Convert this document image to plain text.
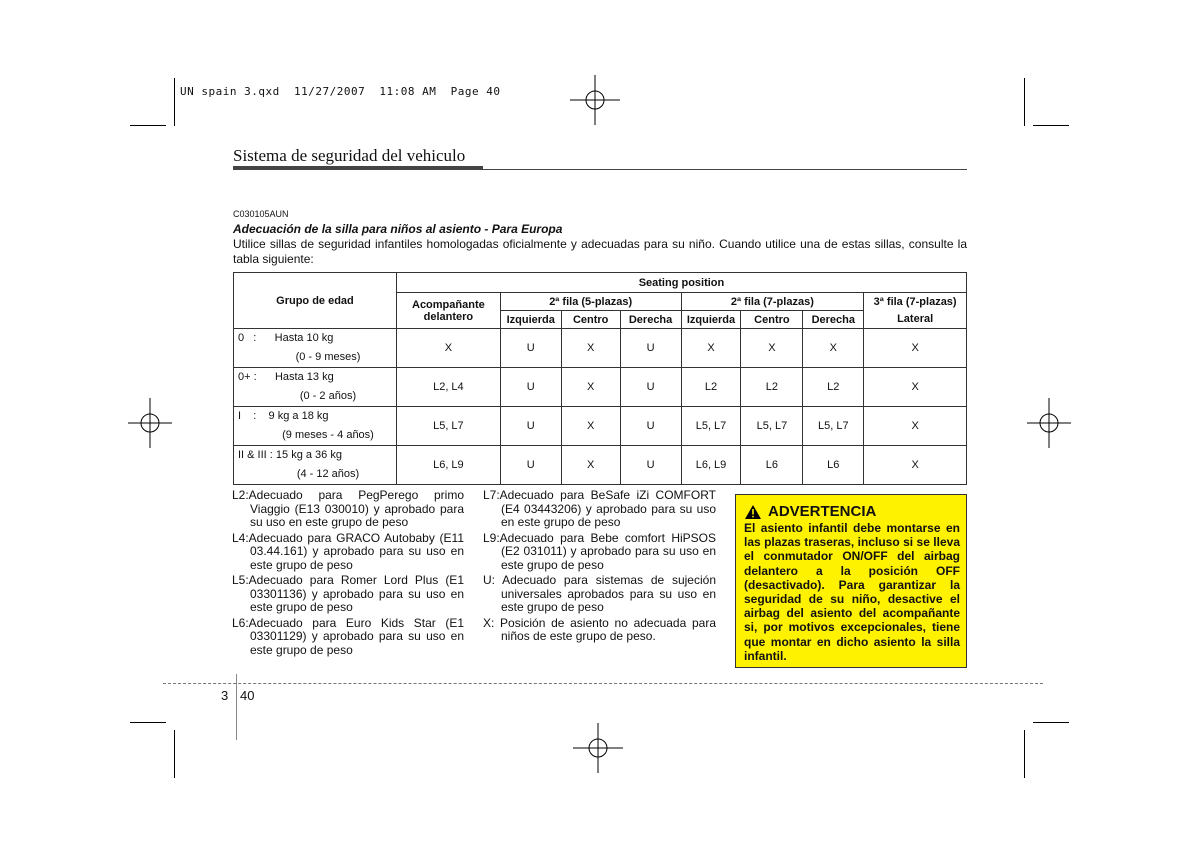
UN spain 3.qxd  11/27/2007  11:08 AM  Page 40
Sistema de seguridad del vehiculo
C030105AUN
Adecuación de la silla para niños al asiento - Para Europa
Utilice sillas de seguridad infantiles homologadas oficialmente y adecuadas para su niño. Cuando utilice una de estas sillas, consulte la tabla siguiente:
Grupo de edad	Seating position							
	Acompañante delantero	2ª fila (5-plazas)			2ª fila (7-plazas)			3ª fila (7-plazas)
		Izquierda	Centro	Derecha	Izquierda	Centro	Derecha	Lateral

0   :      Hasta 10 kg
(0 - 9 meses)	X	U	X	U	X	X	X	X

0+ :      Hasta 13 kg
(0 - 2 años)	L2, L4	U	X	U	L2	L2	L2	X

I    :    9 kg a 18 kg
(9 meses - 4 años)	L5, L7	U	X	U	L5, L7	L5, L7	L5, L7	X

II & III : 15 kg a 36 kg
(4 - 12 años)	L6, L9	U	X	U	L6, L9	L6	L6	X
L2:Adecuado para PegPerego primo Viaggio (E13 030010) y aprobado para su uso en este grupo de peso
L4:Adecuado para GRACO Autobaby (E11 03.44.161) y aprobado para su uso en este grupo de peso
L5:Adecuado para Romer Lord Plus (E1 03301136) y aprobado para su uso en este grupo de peso
L6:Adecuado para Euro Kids Star (E1 03301129) y aprobado para su uso en este grupo de peso
L7:Adecuado para BeSafe iZi COMFORT (E4 03443206) y aprobado para su uso en este grupo de peso
L9:Adecuado para Bebe comfort HiPSOS (E2 031011) y aprobado para su uso en este grupo de peso
U: Adecuado para sistemas de sujeción universales aprobados para su uso en este grupo de peso
X: Posición de asiento no adecuada para niños de este grupo de peso.
ADVERTENCIA
El asiento infantil debe montarse en las plazas traseras, incluso si se lleva el conmutador ON/OFF del airbag delantero a la posición OFF (desactivado). Para garantizar la seguridad de su niño, desactive el airbag del asiento del acompañante si, por motivos excepcionales, tiene que montar en dicho asiento la silla infantil.
3 40
